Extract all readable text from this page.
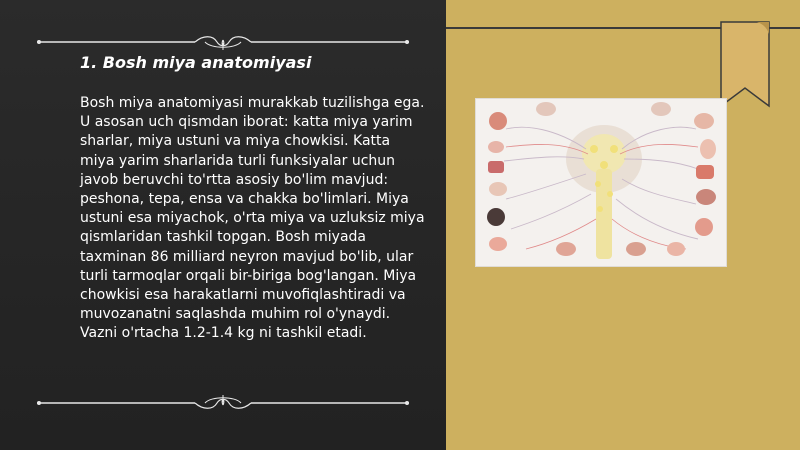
1. Bosh miya anatomiyasi

Bosh miya anatomiyasi murakkab tuzilishga ega. U asosan uch qismdan iborat: katta miya yarim sharlar, miya ustuni va miya chowkisi. Katta miya yarim sharlarida turli funksiyalar uchun javob beruvchi to'rtta asosiy bo'lim mavjud: peshona, tepa, ensa va chakka bo'limlari. Miya ustuni esa miyachok, o'rta miya va uzluksiz miya qismlaridan tashkil topgan. Bosh miyada taxminan 86 milliard neyron mavjud bo'lib, ular turli tarmoqlar orqali bir-biriga bog'langan. Miya chowkisi esa harakatlarni muvofiqlashtiradi va muvozanatni saqlashda muhim rol o'ynaydi. Vazni o'rtacha 1.2-1.4 kg ni tashkil etadi.
